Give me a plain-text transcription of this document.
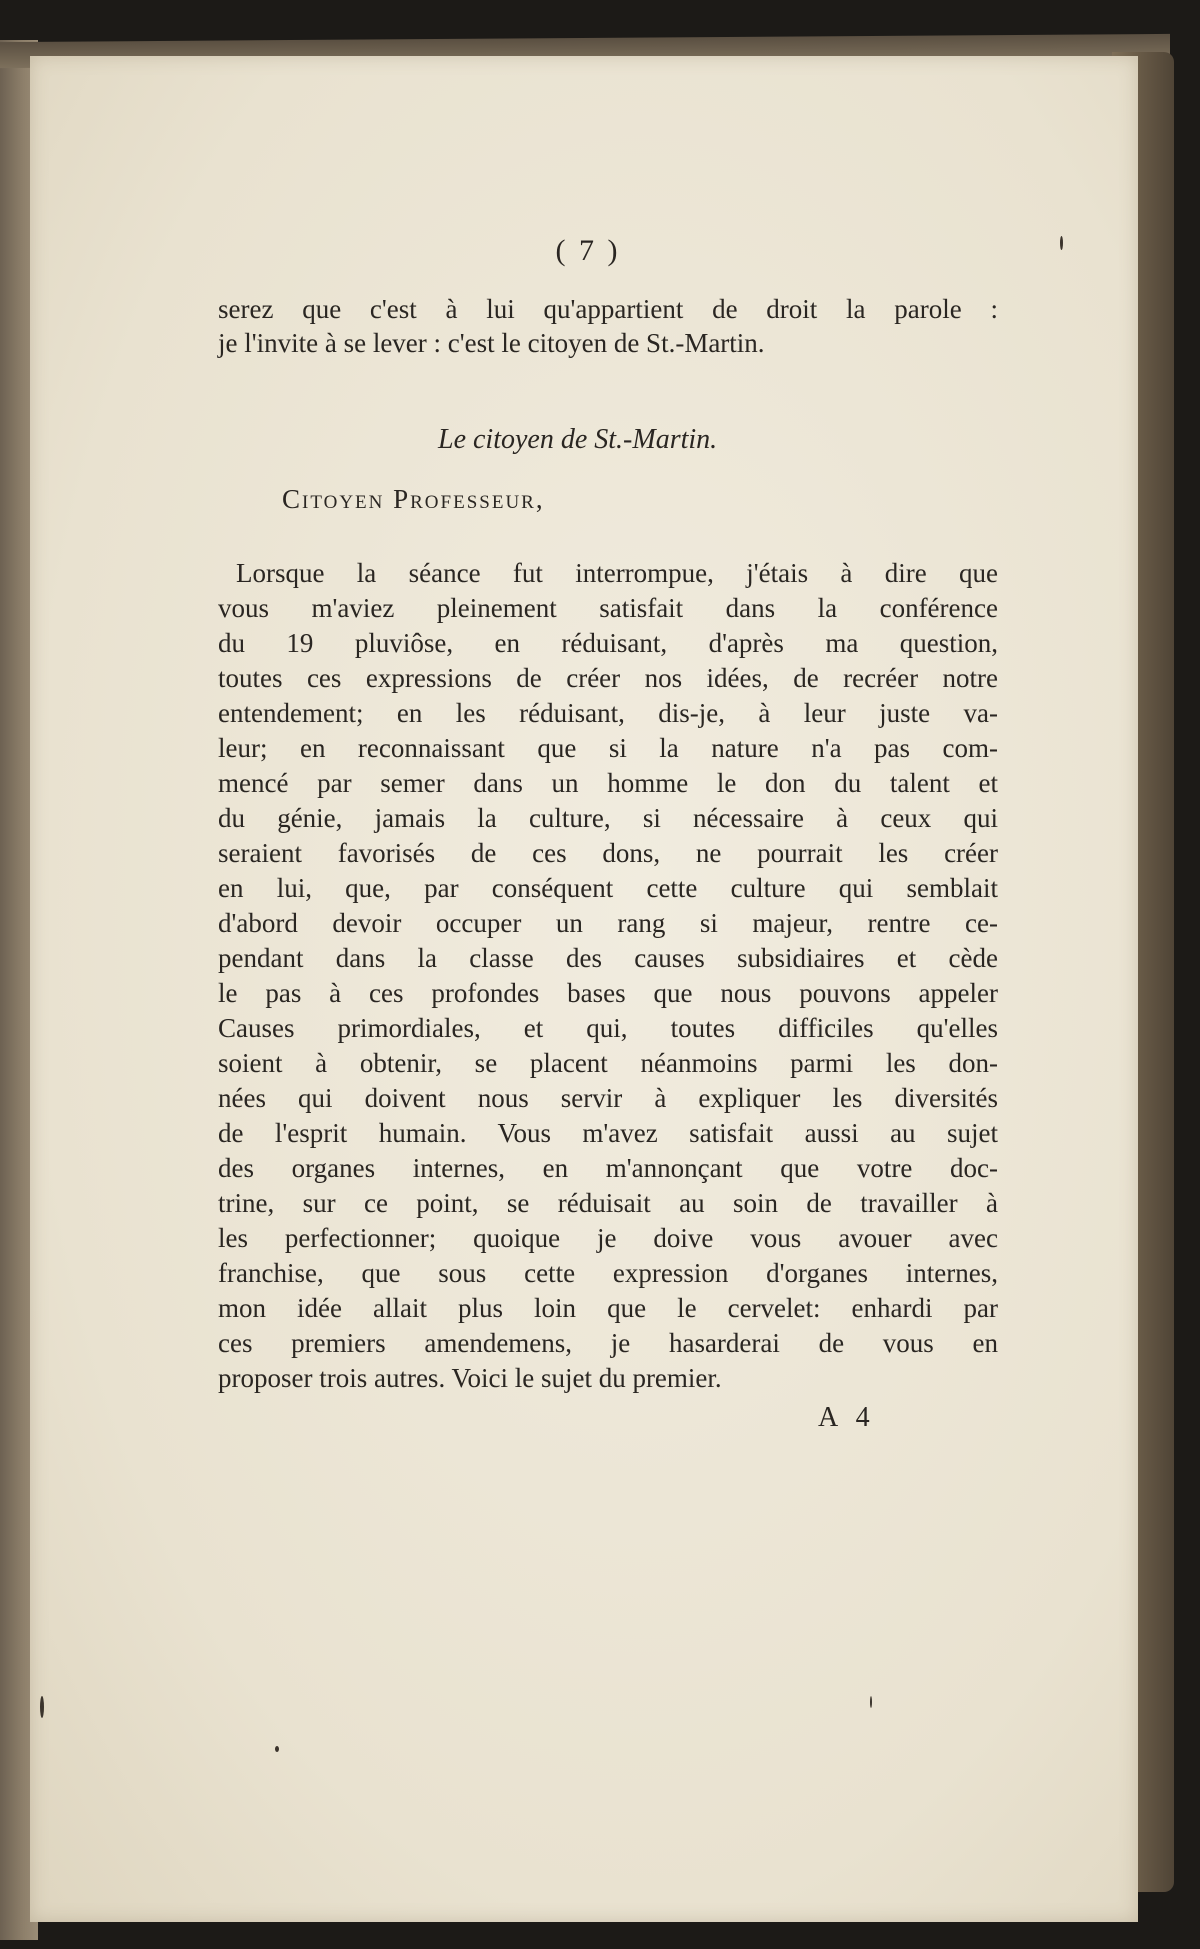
( 7 )
serez que c'est à lui qu'appartient de droit la parole :
je l'invite à se lever : c'est le citoyen de St.-Martin.
Le citoyen de St.-Martin.
Citoyen Professeur,
Lorsque la séance fut interrompue, j'étais à dire que
vous m'aviez pleinement satisfait dans la conférence
du 19 pluviôse, en réduisant, d'après ma question,
toutes ces expressions de créer nos idées, de recréer notre
entendement; en les réduisant, dis-je, à leur juste va-
leur; en reconnaissant que si la nature n'a pas com-
mencé par semer dans un homme le don du talent et
du génie, jamais la culture, si nécessaire à ceux qui
seraient favorisés de ces dons, ne pourrait les créer
en lui, que, par conséquent cette culture qui semblait
d'abord devoir occuper un rang si majeur, rentre ce-
pendant dans la classe des causes subsidiaires et cède
le pas à ces profondes bases que nous pouvons appeler
Causes primordiales, et qui, toutes difficiles qu'elles
soient à obtenir, se placent néanmoins parmi les don-
nées qui doivent nous servir à expliquer les diversités
de l'esprit humain. Vous m'avez satisfait aussi au sujet
des organes internes, en m'annonçant que votre doc-
trine, sur ce point, se réduisait au soin de travailler à
les perfectionner; quoique je doive vous avouer avec
franchise, que sous cette expression d'organes internes,
mon idée allait plus loin que le cervelet: enhardi par
ces premiers amendemens, je hasarderai de vous en
proposer trois autres. Voici le sujet du premier.
A 4
